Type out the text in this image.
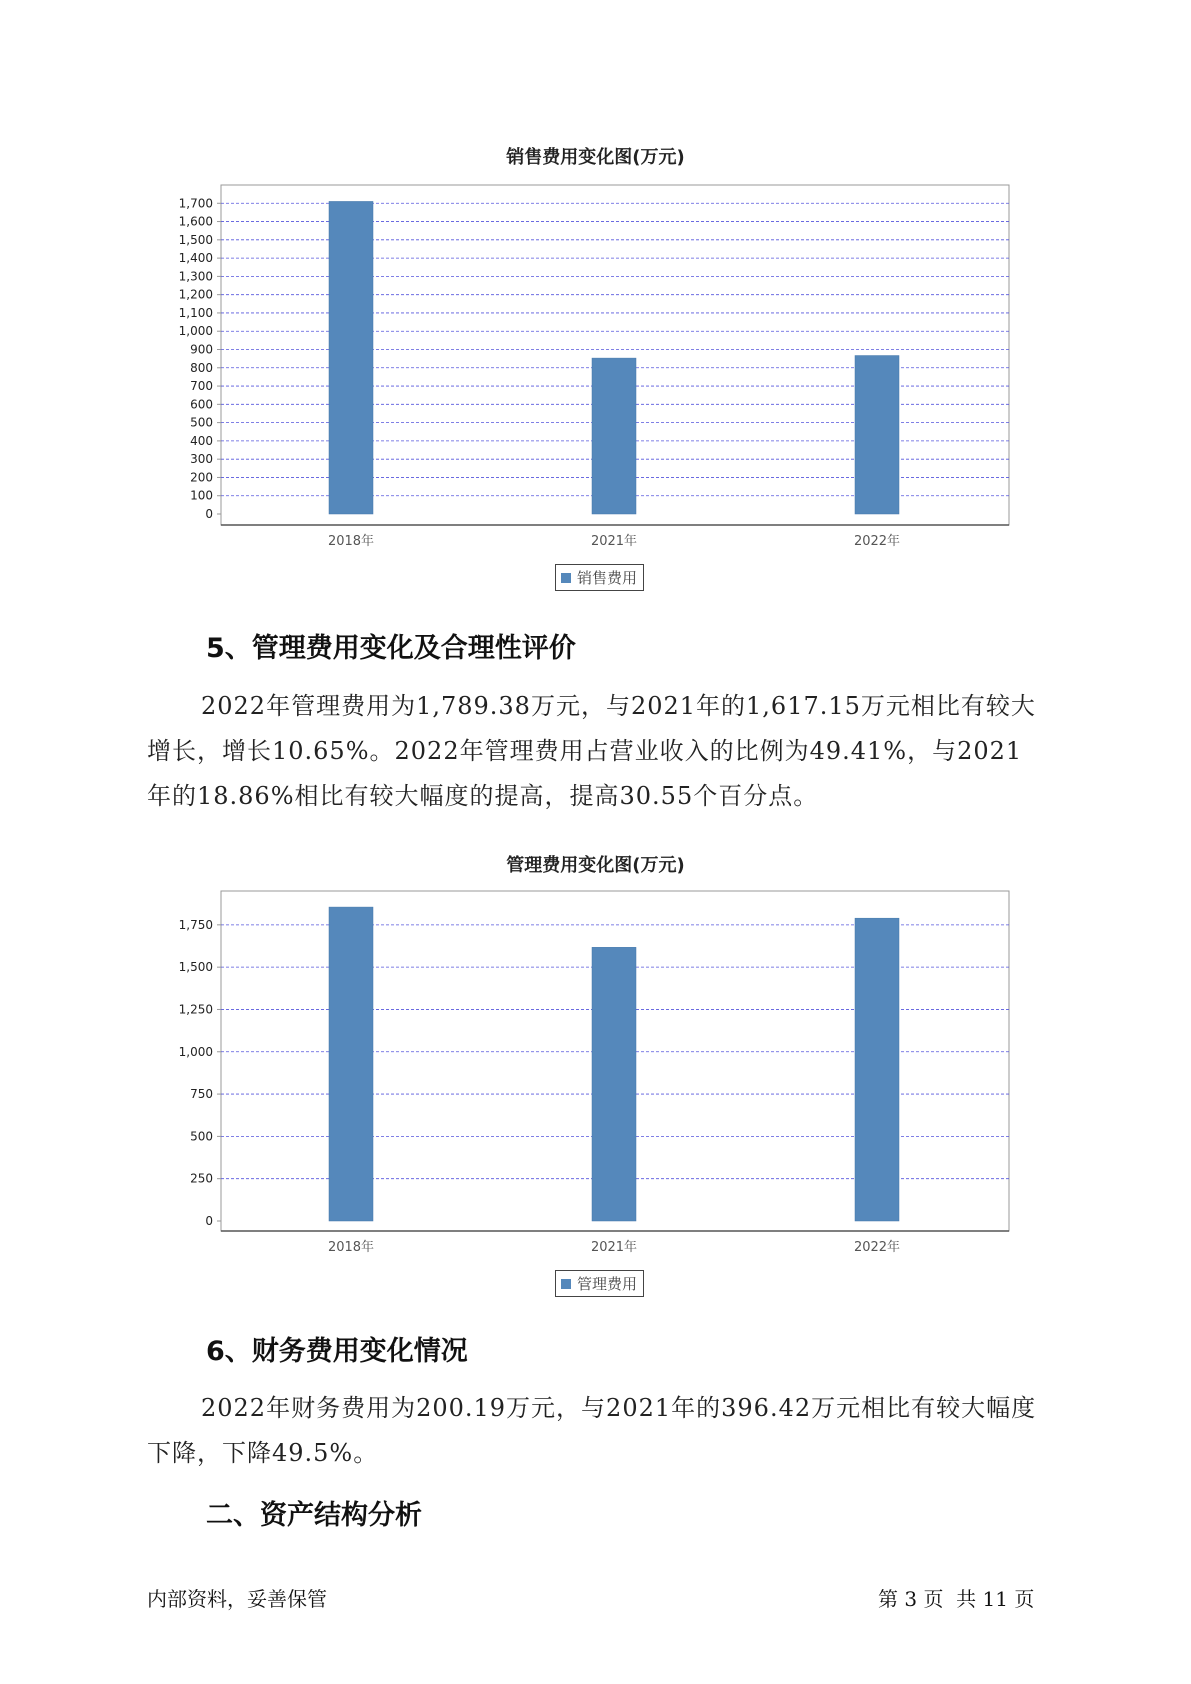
销售费用变化图(万元)
0
100
200
300
400
500
600
700
800
900
1,000
1,100
1,200
1,300
1,400
1,500
1,600
1,700
2018年	2021年	2022年
销售费用
5、管理费用变化及合理性评价

2022年管理费用为1,789.38万元，与2021年的1,617.15万元相比有较大增长，增长10.65%。2022年管理费用占营业收入的比例为49.41%，与2021年的18.86%相比有较大幅度的提高，提高30.55个百分点。

管理费用变化图(万元)
0
250
500
750
1,000
1,250
1,500
1,750
2018年	2021年	2022年
管理费用
6、财务费用变化情况

2022年财务费用为200.19万元，与2021年的396.42万元相比有较大幅度下降，下降49.5%。

二、资产结构分析
内部资料，妥善保管	第 3 页  共 11 页
